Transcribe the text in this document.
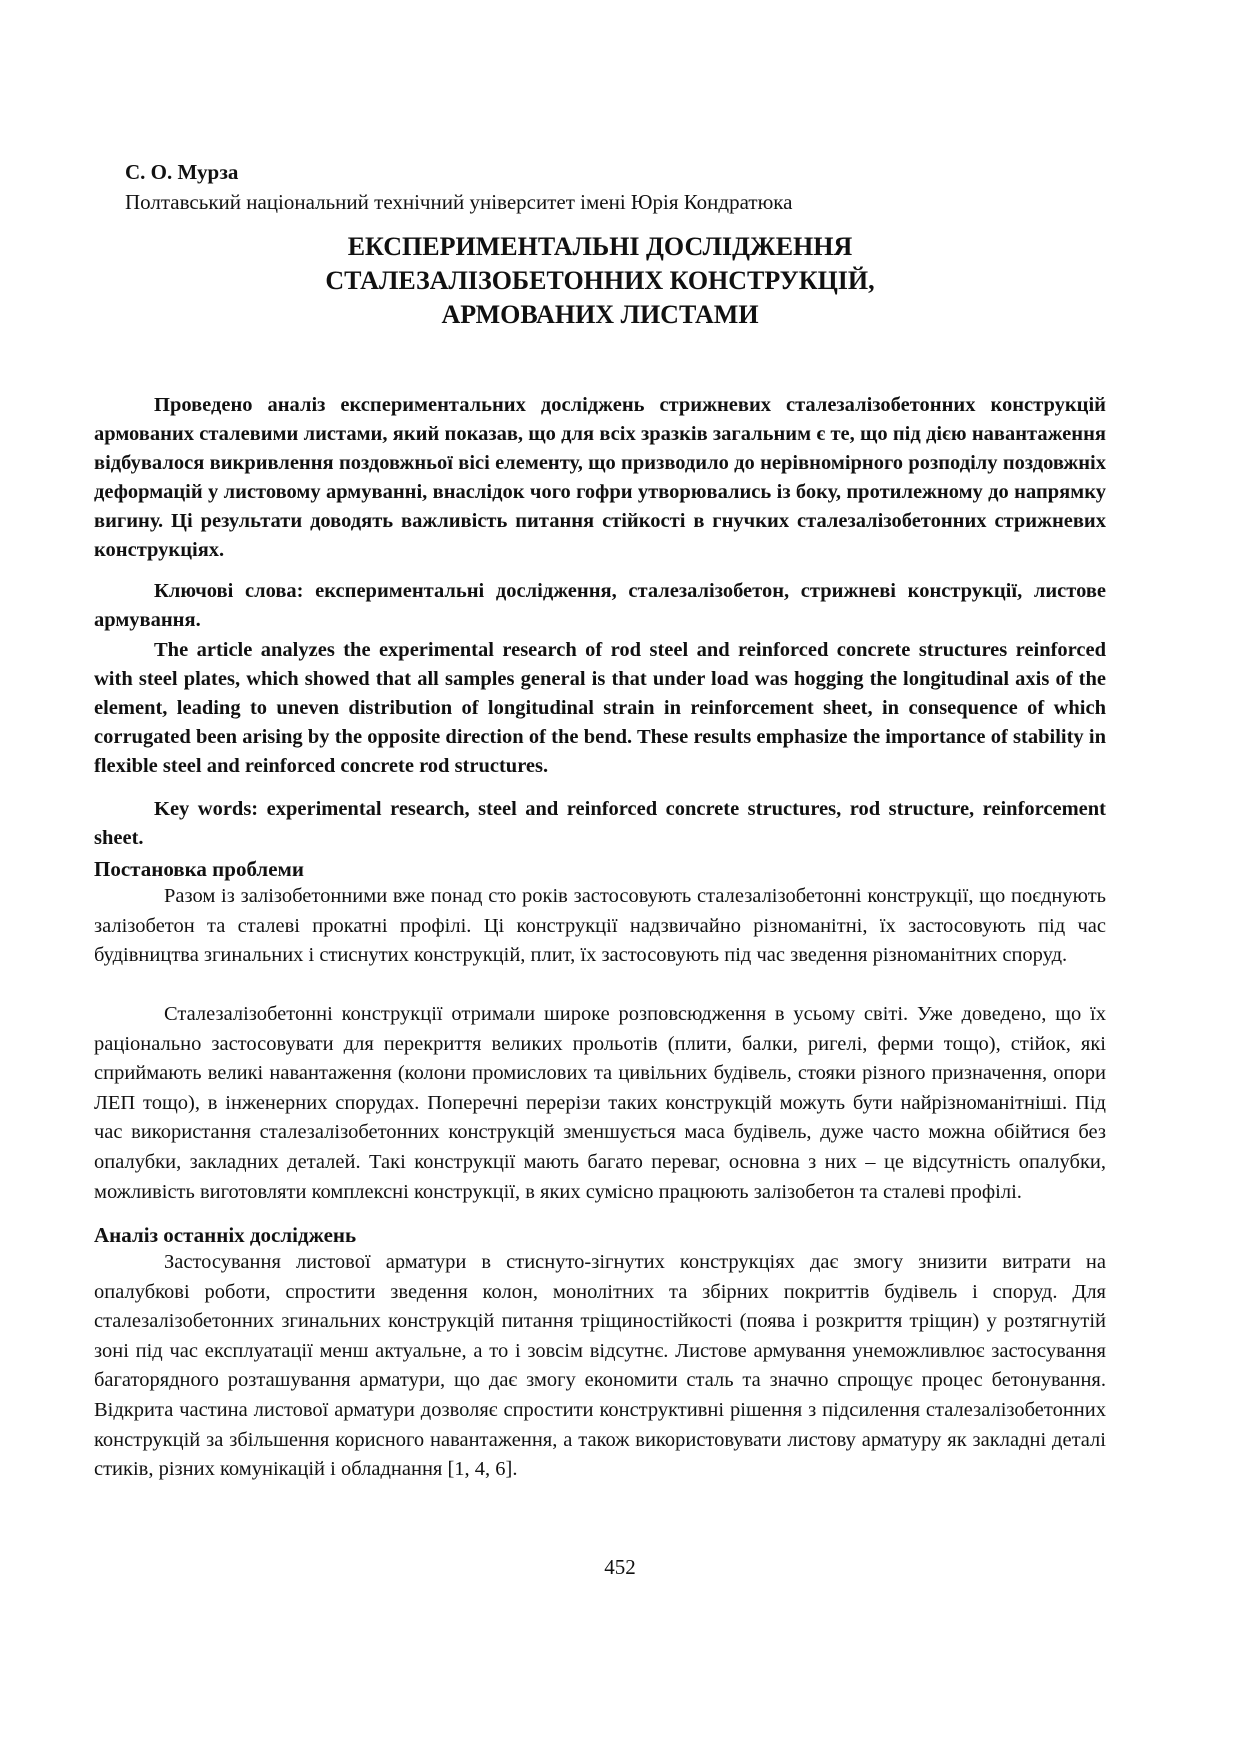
С. О. Мурза
Полтавський національний технічний університет імені Юрія Кондратюка
ЕКСПЕРИМЕНТАЛЬНІ ДОСЛІДЖЕННЯ
СТАЛЕЗАЛІЗОБЕТОННИХ КОНСТРУКЦІЙ,
АРМОВАНИХ ЛИСТАМИ

Проведено аналіз експериментальних досліджень стрижневих сталезалізобетонних конструкцій армованих сталевими листами, який показав, що для всіх зразків загальним є те, що під дією навантаження відбувалося викривлення поздовжньої вісі елементу, що призводило до нерівномірного розподілу поздовжніх деформацій у листовому армуванні, внаслідок чого гофри утворювались із боку, протилежному до напрямку вигину. Ці результати доводять важливість питання стійкості в гнучких сталезалізобетонних стрижневих конструкціях.

Ключові слова: експериментальні дослідження, сталезалізобетон, стрижневі конструкції, листове армування.

The article analyzes the experimental research of rod steel and reinforced concrete structures reinforced with steel plates, which showed that all samples general is that under load was hogging the longitudinal axis of the element, leading to uneven distribution of longitudinal strain in reinforcement sheet, in consequence of which corrugated been arising by the opposite direction of the bend. These results emphasize the importance of stability in flexible steel and reinforced concrete rod structures.

Key words: experimental research, steel and reinforced concrete structures, rod structure, reinforcement sheet.

Постановка проблеми

Разом із залізобетонними вже понад сто років застосовують сталезалізобетонні конструкції, що поєднують залізобетон та сталеві прокатні профілі. Ці конструкції надзвичайно різноманітні, їх застосовують під час будівництва згинальних і стиснутих конструкцій, плит, їх застосовують під час зведення різноманітних споруд.

Сталезалізобетонні конструкції отримали широке розповсюдження в усьому світі. Уже доведено, що їх раціонально застосовувати для перекриття великих прольотів (плити, балки, ригелі, ферми тощо), стійок, які сприймають великі навантаження (колони промислових та цивільних будівель, стояки різного призначення, опори ЛЕП тощо), в інженерних спорудах. Поперечні перерізи таких конструкцій можуть бути найрізноманітніші. Під час використання сталезалізобетонних конструкцій зменшується маса будівель, дуже часто можна обійтися без опалубки, закладних деталей. Такі конструкції мають багато переваг, основна з них – це відсутність опалубки, можливість виготовляти комплексні конструкції, в яких сумісно працюють залізобетон та сталеві профілі.

Аналіз останніх досліджень

Застосування листової арматури в стиснуто-зігнутих конструкціях дає змогу знизити витрати на опалубкові роботи, спростити зведення колон, монолітних та збірних покриттів будівель і споруд. Для сталезалізобетонних згинальних конструкцій питання тріщиностійкості (поява і розкриття тріщин) у розтягнутій зоні під час експлуатації менш актуальне, а то і зовсім відсутнє. Листове армування унеможливлює застосування багаторядного розташування арматури, що дає змогу економити сталь та значно спрощує процес бетонування. Відкрита частина листової арматури дозволяє спростити конструктивні рішення з підсилення сталезалізобетонних конструкцій за збільшення корисного навантаження, а також використовувати листову арматуру як закладні деталі стиків, різних комунікацій і обладнання [1, 4, 6].

452
